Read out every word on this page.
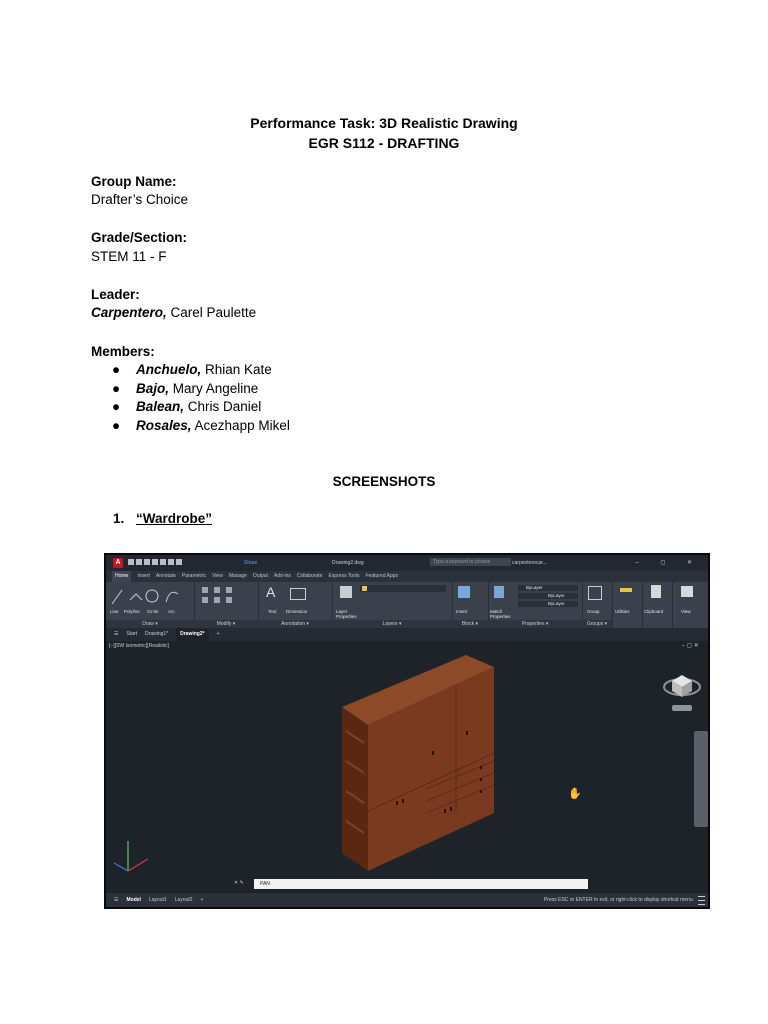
Performance Task: 3D Realistic Drawing
EGR S112 - DRAFTING
Group Name:
Drafter’s Choice
Grade/Section:
STEM 11 - F
Leader:
Carpentero, Carel Paulette
Members:
● Anchuelo, Rhian Kate
● Bajo, Mary Angeline
● Balean, Chris Daniel
● Rosales, Acezhapp Mikel
SCREENSHOTS
1. “Wardrobe”
A	Share	Drawing2.dwg	Type a keyword or phrase	carpenterocar...	– ◻ ✕
Home Insert Annotate Parametric View Manage Output Add-ins Collaborate Express Tools Featured Apps
Line Polyline Circle Arc
Draw ▾	Modify ▾
A
Text Dimension
Annotation ▾
Layer Properties
Layers ▾
Insert
Block ▾
ByLayer
ByLayer
ByLayer
Match Properties
Properties ▾
Group
Groups ▾
Utilities	Clipboard	View
☰ Start Drawing1* Drawing2* +
[−][SW Isometric][Realistic]
✋
– ◻ ✕
✕ ✎	PAN
☰ Model Layout1 Layout2 +	Press ESC or ENTER to exit, or right-click to display shortcut menu.
